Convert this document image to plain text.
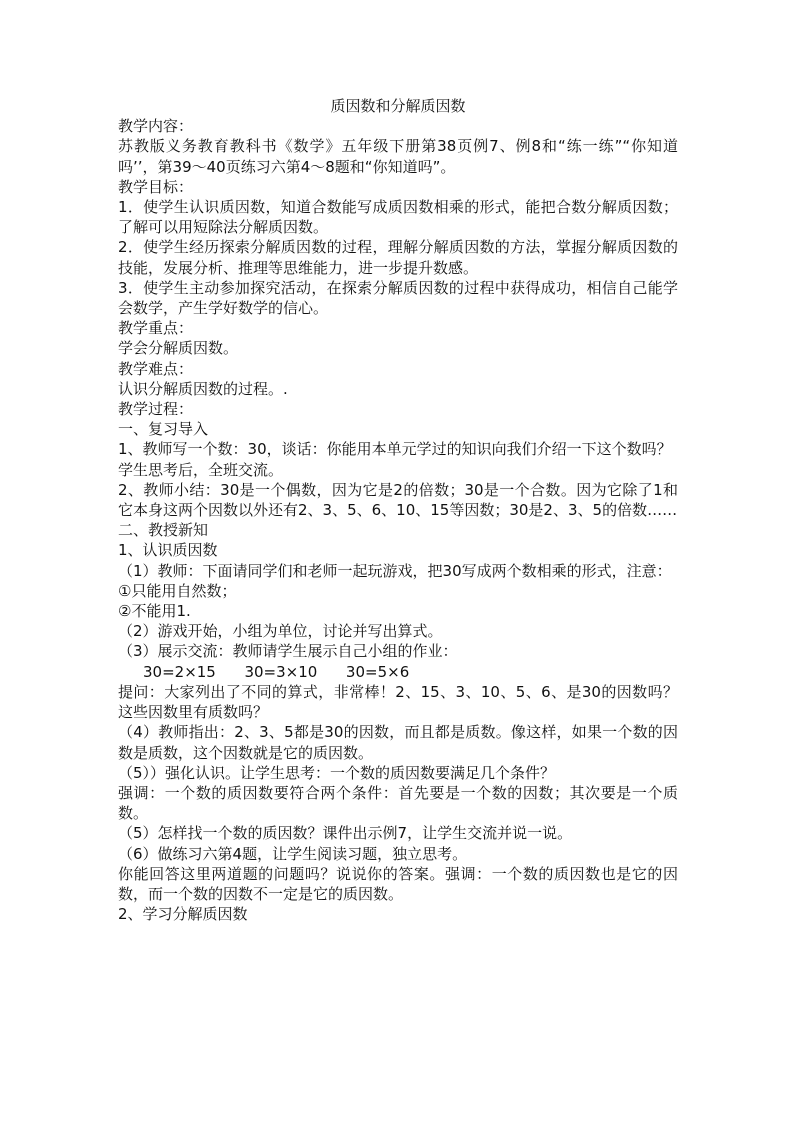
质因数和分解质因数

教学内容：

苏教版义务教育教科书《数学》五年级下册第38页例7、例8和“练一练”“你知道吗’’，第39～40页练习六第4～8题和“你知道吗”。

教学目标：

1．使学生认识质因数，知道合数能写成质因数相乘的形式，能把合数分解质因数；了解可以用短除法分解质因数。

2．使学生经历探索分解质因数的过程，理解分解质因数的方法，掌握分解质因数的技能，发展分析、推理等思维能力，进一步提升数感。

3．使学生主动参加探究活动，在探索分解质因数的过程中获得成功，相信自己能学会数学，产生学好数学的信心。

教学重点：

学会分解质因数。

教学难点：

认识分解质因数的过程。.

教学过程：

一、复习导入

1、教师写一个数：30，谈话：你能用本单元学过的知识向我们介绍一下这个数吗？

学生思考后，全班交流。

2、教师小结：30是一个偶数，因为它是2的倍数；30是一个合数。因为它除了1和它本身这两个因数以外还有2、3、5、6、10、15等因数；30是2、3、5的倍数……

二、教授新知

1、认识质因数

（1）教师：下面请同学们和老师一起玩游戏，把30写成两个数相乘的形式，注意：

①只能用自然数；

②不能用1.

（2）游戏开始，小组为单位，讨论并写出算式。

（3）展示交流：教师请学生展示自己小组的作业：

30=2×15      30=3×10      30=5×6

提问：大家列出了不同的算式，非常棒！2、15、3、10、5、6、是30的因数吗？这些因数里有质数吗？

（4）教师指出：2、3、5都是30的因数，而且都是质数。像这样，如果一个数的因数是质数，这个因数就是它的质因数。

（5））强化认识。让学生思考：一个数的质因数要满足几个条件？

强调：一个数的质因数要符合两个条件：首先要是一个数的因数；其次要是一个质数。

（5）怎样找一个数的质因数？课件出示例7，让学生交流并说一说。

（6）做练习六第4题，让学生阅读习题，独立思考。

你能回答这里两道题的问题吗？说说你的答案。强调：一个数的质因数也是它的因数，而一个数的因数不一定是它的质因数。

2、学习分解质因数
